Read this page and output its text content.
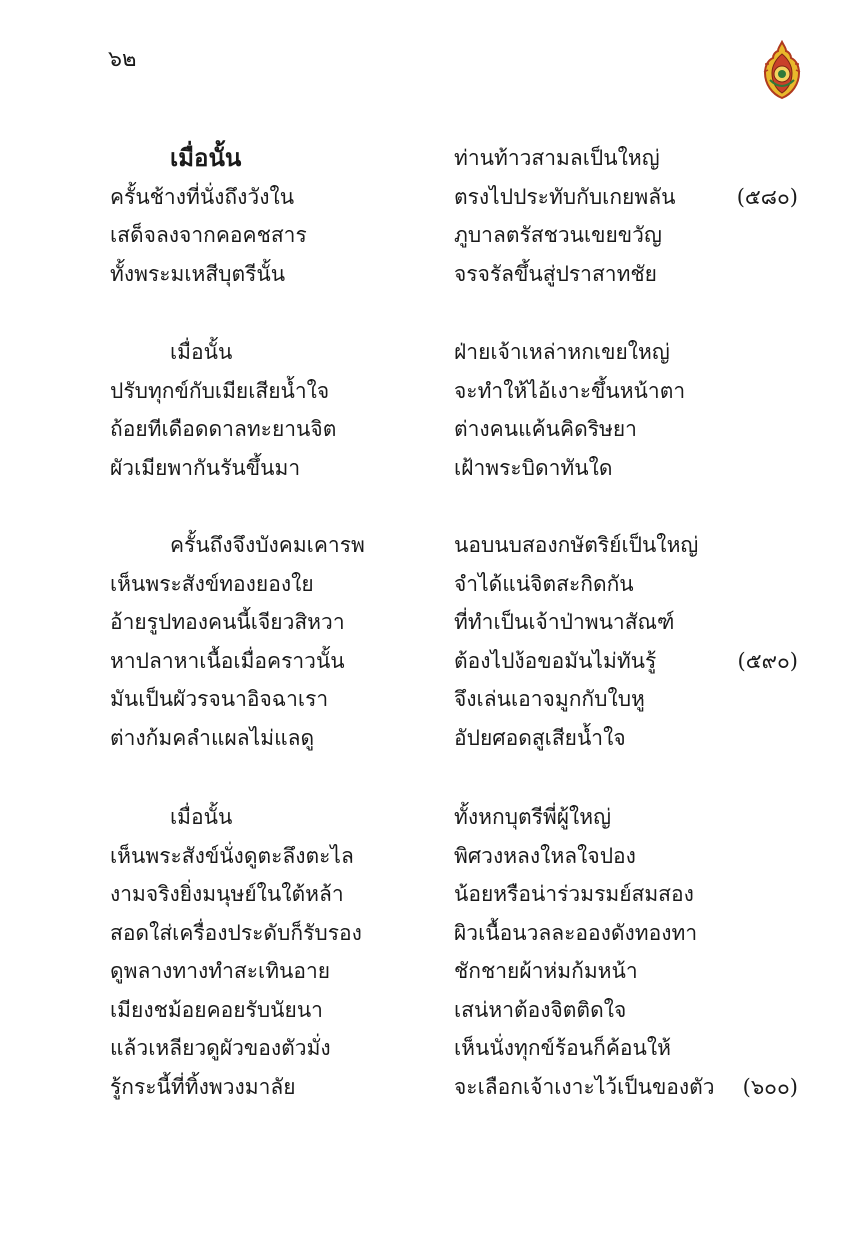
๖๒
เมื่อนั้น	ท่านท้าวสามลเป็นใหญ่
ครั้นช้างที่นั่งถึงวังใน	ตรงไปประทับกับเกยพลัน	(๕๘๐)
เสด็จลงจากคอคชสาร	ภูบาลตรัสชวนเขยขวัญ
ทั้งพระมเหสีบุตรีนั้น	จรจรัลขึ้นสู่ปราสาทชัย
เมื่อนั้น	ฝ่ายเจ้าเหล่าหกเขยใหญ่
ปรับทุกข์กับเมียเสียน้ำใจ	จะทำให้ไอ้เงาะขึ้นหน้าตา
ถ้อยทีเดือดดาลทะยานจิต	ต่างคนแค้นคิดริษยา
ผัวเมียพากันรันขึ้นมา	เฝ้าพระบิดาทันใด
ครั้นถึงจึงบังคมเคารพ	นอบนบสองกษัตริย์เป็นใหญ่
เห็นพระสังข์ทองยองใย	จำได้แน่จิตสะกิดกัน
อ้ายรูปทองคนนี้เจียวสิหวา	ที่ทำเป็นเจ้าป่าพนาสัณฑ์
หาปลาหาเนื้อเมื่อคราวนั้น	ต้องไปง้อขอมันไม่ทันรู้	(๕๙๐)
มันเป็นผัวรจนาอิจฉาเรา	จึงเล่นเอาจมูกกับใบหู
ต่างก้มคลำแผลไม่แลดู	อัปยศอดสูเสียน้ำใจ
เมื่อนั้น	ทั้งหกบุตรีพี่ผู้ใหญ่
เห็นพระสังข์นั่งดูตะลึงตะไล	พิศวงหลงใหลใจปอง
งามจริงยิ่งมนุษย์ในใต้หล้า	น้อยหรือน่าร่วมรมย์สมสอง
สอดใส่เครื่องประดับก็รับรอง	ผิวเนื้อนวลละอองดังทองทา
ดูพลางทางทำสะเทินอาย	ชักชายผ้าห่มก้มหน้า
เมียงชม้อยคอยรับนัยนา	เสน่หาต้องจิตติดใจ
แล้วเหลียวดูผัวของตัวมั่ง	เห็นนั่งทุกข์ร้อนก็ค้อนให้
รู้กระนี้ที่ทิ้งพวงมาลัย	จะเลือกเจ้าเงาะไว้เป็นของตัว (๖๐๐)
